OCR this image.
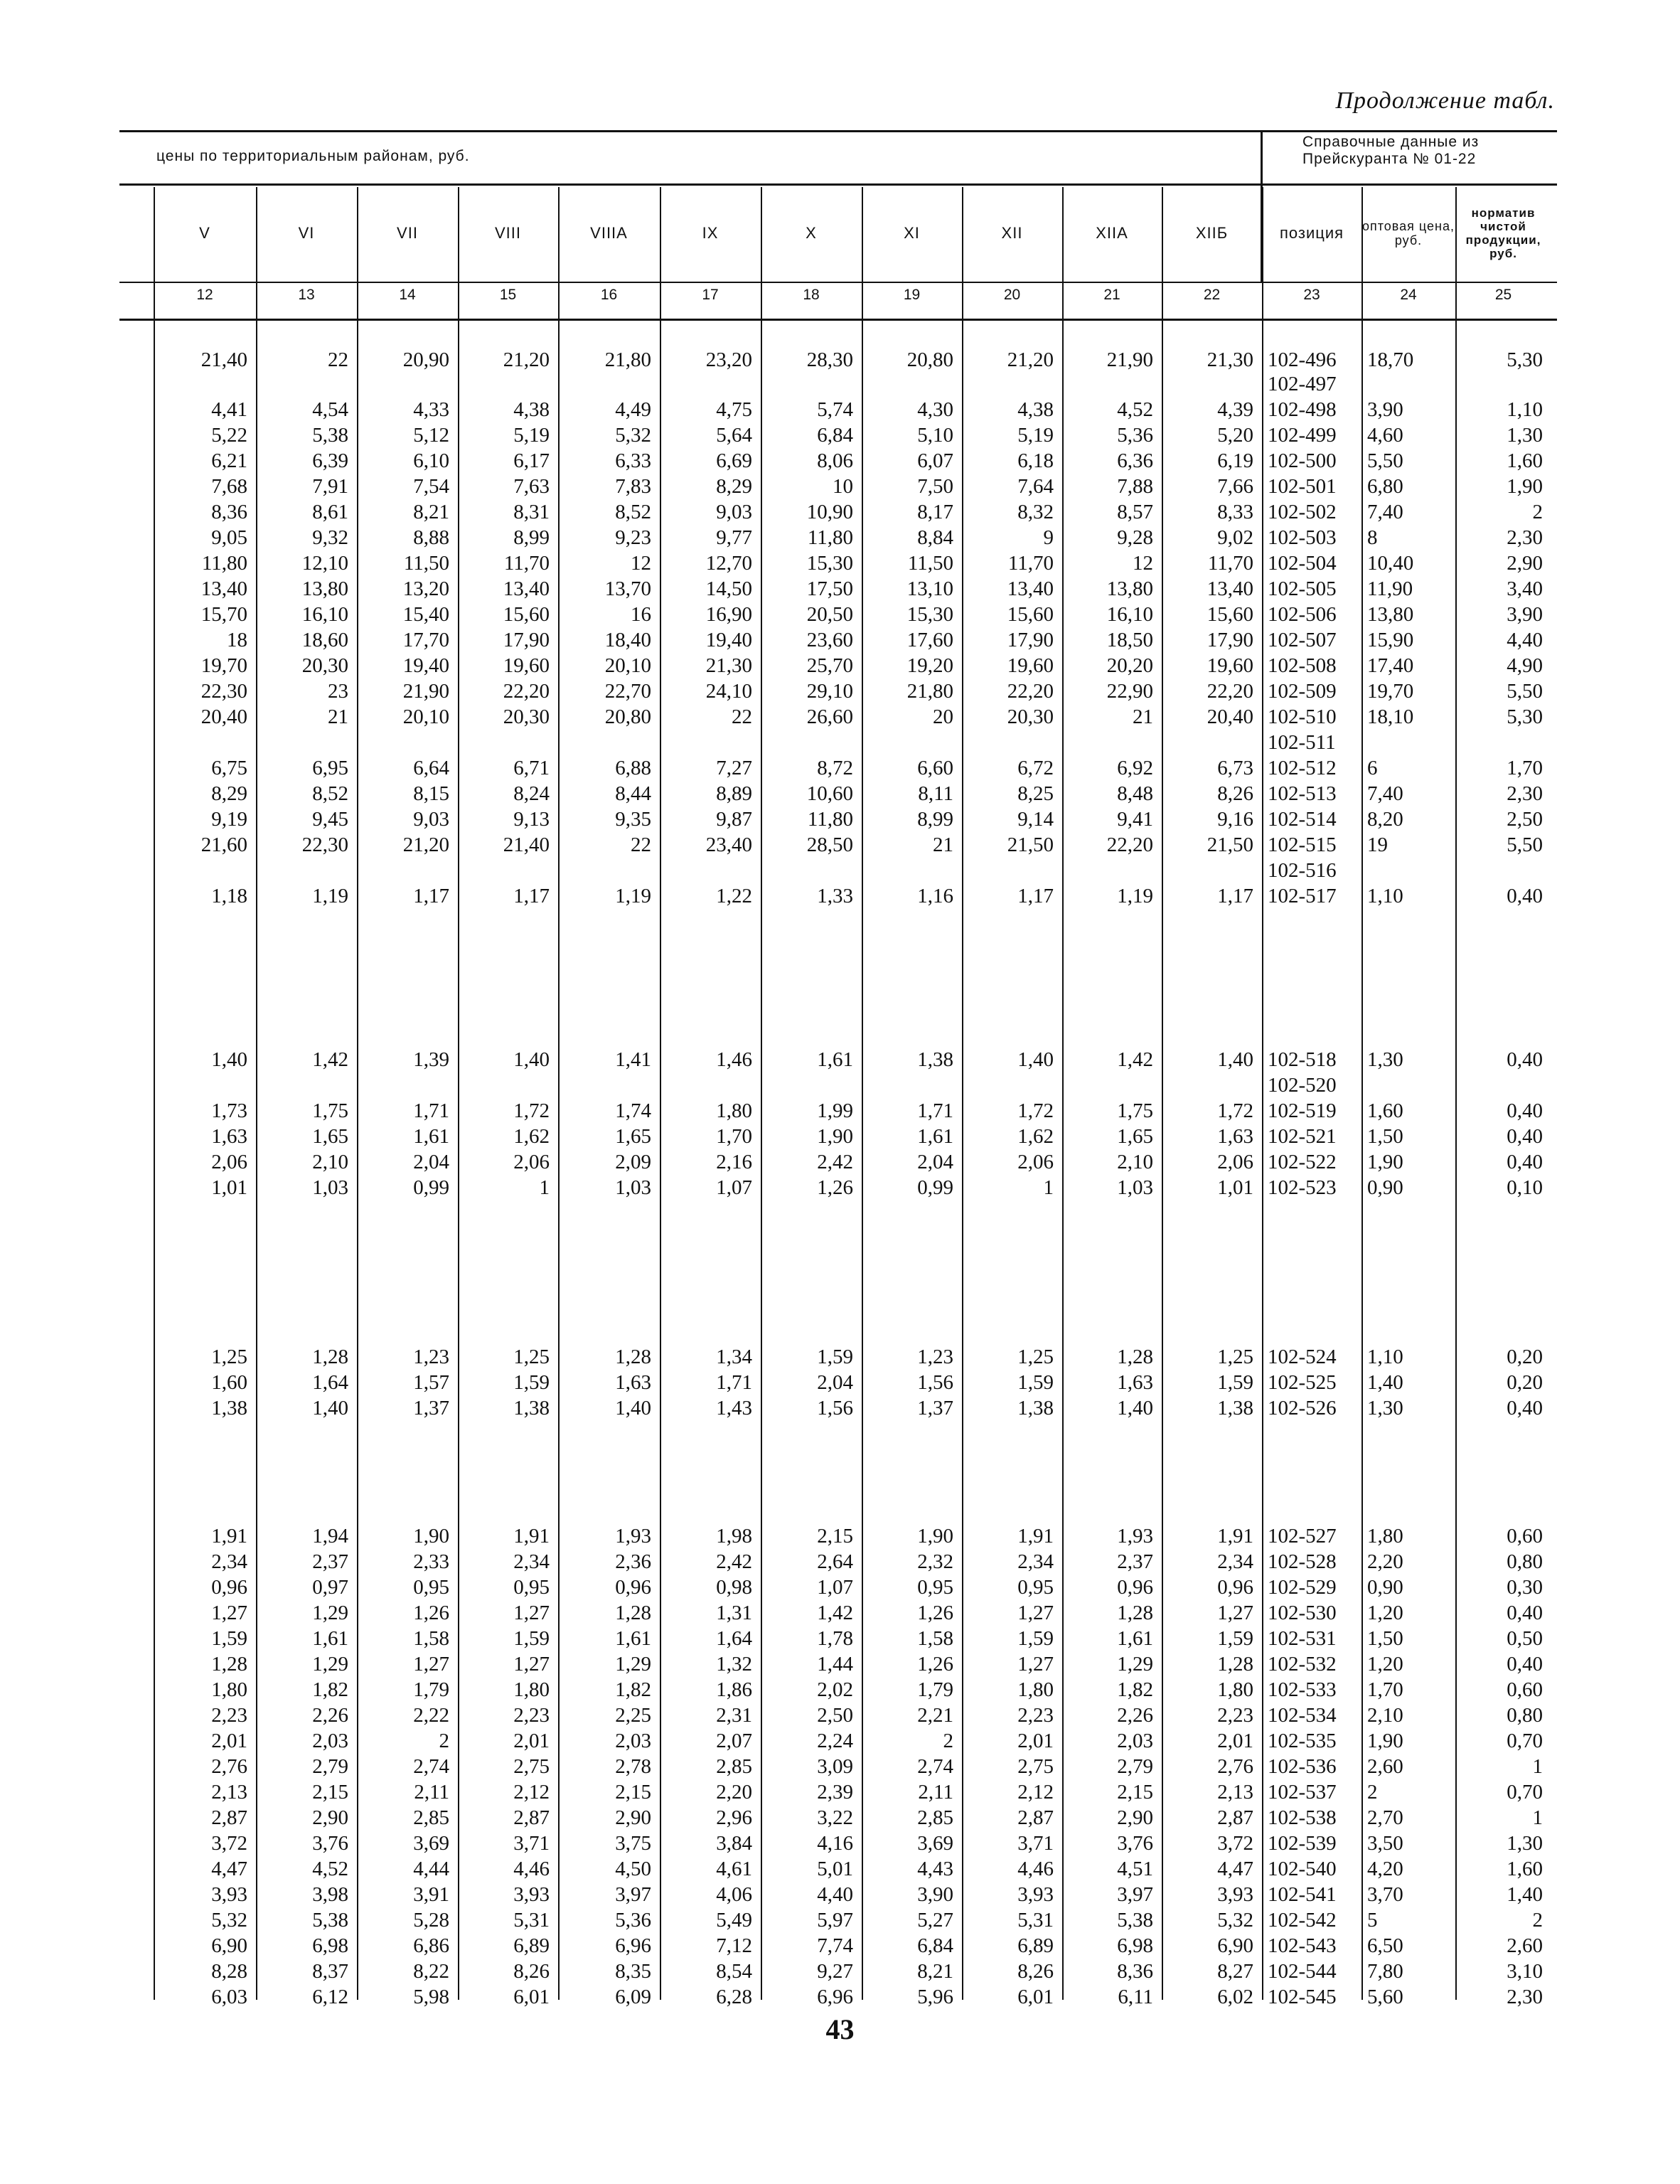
Продолжение табл.
цены по территориальным районам, руб.
Справочные данные из Прейскуранта № 01-22
V
12
VI
13
VII
14
VIII
15
VIIIA
16
IX
17
X
18
XI
19
XII
20
XIIA
21
XIIБ
22
позиция
23
оптовая цена, руб.
24
норматив чистой продукции, руб.
25
21,40	22	20,90	21,20	21,80	23,20	28,30	20,80	21,20	21,90	21,30 102-496	18,70	5,30
102-497
4,41	4,54	4,33	4,38	4,49	4,75	5,74	4,30	4,38	4,52	4,39 102-498	3,90	1,10
5,22	5,38	5,12	5,19	5,32	5,64	6,84	5,10	5,19	5,36	5,20 102-499	4,60	1,30
6,21	6,39	6,10	6,17	6,33	6,69	8,06	6,07	6,18	6,36	6,19 102-500	5,50	1,60
7,68	7,91	7,54	7,63	7,83	8,29	10	7,50	7,64	7,88	7,66 102-501	6,80	1,90
8,36	8,61	8,21	8,31	8,52	9,03	10,90	8,17	8,32	8,57	8,33 102-502	7,40	2
9,05	9,32	8,88	8,99	9,23	9,77	11,80	8,84	9	9,28	9,02 102-503	8	2,30
11,80	12,10	11,50	11,70	12	12,70	15,30	11,50	11,70	12	11,70 102-504	10,40	2,90
13,40	13,80	13,20	13,40	13,70	14,50	17,50	13,10	13,40	13,80	13,40 102-505	11,90	3,40
15,70	16,10	15,40	15,60	16	16,90	20,50	15,30	15,60	16,10	15,60 102-506	13,80	3,90
18	18,60	17,70	17,90	18,40	19,40	23,60	17,60	17,90	18,50	17,90 102-507	15,90	4,40
19,70	20,30	19,40	19,60	20,10	21,30	25,70	19,20	19,60	20,20	19,60 102-508	17,40	4,90
22,30	23	21,90	22,20	22,70	24,10	29,10	21,80	22,20	22,90	22,20 102-509	19,70	5,50
20,40	21	20,10	20,30	20,80	22	26,60	20	20,30	21	20,40 102-510	18,10	5,30
102-511
6,75	6,95	6,64	6,71	6,88	7,27	8,72	6,60	6,72	6,92	6,73 102-512	6	1,70
8,29	8,52	8,15	8,24	8,44	8,89	10,60	8,11	8,25	8,48	8,26 102-513	7,40	2,30
9,19	9,45	9,03	9,13	9,35	9,87	11,80	8,99	9,14	9,41	9,16 102-514	8,20	2,50
21,60	22,30	21,20	21,40	22	23,40	28,50	21	21,50	22,20	21,50 102-515	19	5,50
102-516
1,18	1,19	1,17	1,17	1,19	1,22	1,33	1,16	1,17	1,19	1,17 102-517	1,10	0,40
1,40	1,42	1,39	1,40	1,41	1,46	1,61	1,38	1,40	1,42	1,40 102-518	1,30	0,40
102-520
1,73	1,75	1,71	1,72	1,74	1,80	1,99	1,71	1,72	1,75	1,72 102-519	1,60	0,40
1,63	1,65	1,61	1,62	1,65	1,70	1,90	1,61	1,62	1,65	1,63 102-521	1,50	0,40
2,06	2,10	2,04	2,06	2,09	2,16	2,42	2,04	2,06	2,10	2,06 102-522	1,90	0,40
1,01	1,03	0,99	1	1,03	1,07	1,26	0,99	1	1,03	1,01 102-523	0,90	0,10
1,25	1,28	1,23	1,25	1,28	1,34	1,59	1,23	1,25	1,28	1,25 102-524	1,10	0,20
1,60	1,64	1,57	1,59	1,63	1,71	2,04	1,56	1,59	1,63	1,59 102-525	1,40	0,20
1,38	1,40	1,37	1,38	1,40	1,43	1,56	1,37	1,38	1,40	1,38 102-526	1,30	0,40
1,91	1,94	1,90	1,91	1,93	1,98	2,15	1,90	1,91	1,93	1,91 102-527	1,80	0,60
2,34	2,37	2,33	2,34	2,36	2,42	2,64	2,32	2,34	2,37	2,34 102-528	2,20	0,80
0,96	0,97	0,95	0,95	0,96	0,98	1,07	0,95	0,95	0,96	0,96 102-529	0,90	0,30
1,27	1,29	1,26	1,27	1,28	1,31	1,42	1,26	1,27	1,28	1,27 102-530	1,20	0,40
1,59	1,61	1,58	1,59	1,61	1,64	1,78	1,58	1,59	1,61	1,59 102-531	1,50	0,50
1,28	1,29	1,27	1,27	1,29	1,32	1,44	1,26	1,27	1,29	1,28 102-532	1,20	0,40
1,80	1,82	1,79	1,80	1,82	1,86	2,02	1,79	1,80	1,82	1,80 102-533	1,70	0,60
2,23	2,26	2,22	2,23	2,25	2,31	2,50	2,21	2,23	2,26	2,23 102-534	2,10	0,80
2,01	2,03	2	2,01	2,03	2,07	2,24	2	2,01	2,03	2,01 102-535	1,90	0,70
2,76	2,79	2,74	2,75	2,78	2,85	3,09	2,74	2,75	2,79	2,76 102-536	2,60	1
2,13	2,15	2,11	2,12	2,15	2,20	2,39	2,11	2,12	2,15	2,13 102-537	2	0,70
2,87	2,90	2,85	2,87	2,90	2,96	3,22	2,85	2,87	2,90	2,87 102-538	2,70	1
3,72	3,76	3,69	3,71	3,75	3,84	4,16	3,69	3,71	3,76	3,72 102-539	3,50	1,30
4,47	4,52	4,44	4,46	4,50	4,61	5,01	4,43	4,46	4,51	4,47 102-540	4,20	1,60
3,93	3,98	3,91	3,93	3,97	4,06	4,40	3,90	3,93	3,97	3,93 102-541	3,70	1,40
5,32	5,38	5,28	5,31	5,36	5,49	5,97	5,27	5,31	5,38	5,32 102-542	5	2
6,90	6,98	6,86	6,89	6,96	7,12	7,74	6,84	6,89	6,98	6,90 102-543	6,50	2,60
8,28	8,37	8,22	8,26	8,35	8,54	9,27	8,21	8,26	8,36	8,27 102-544	7,80	3,10
6,03	6,12	5,98	6,01	6,09	6,28	6,96	5,96	6,01	6,11	6,02 102-545	5,60	2,30
43
